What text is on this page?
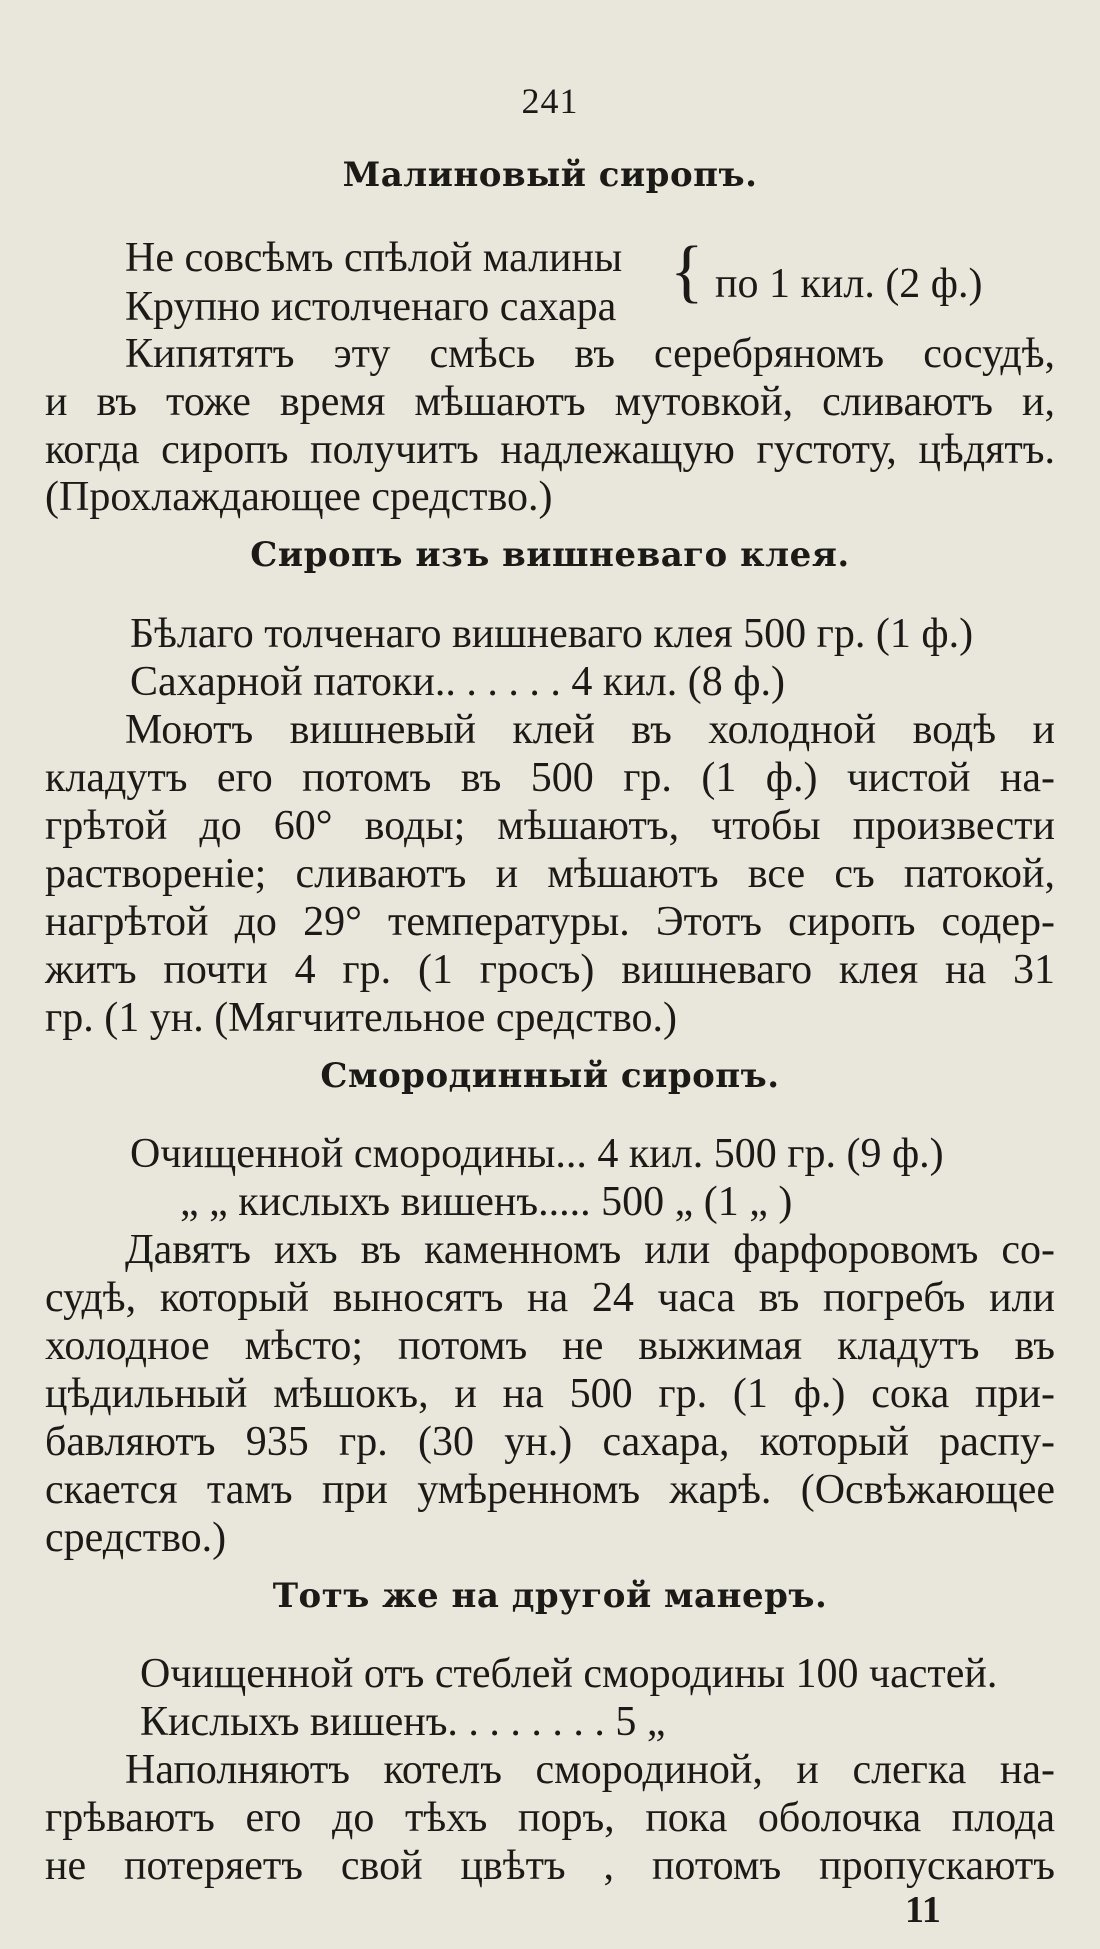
241
Малиновый сиропъ.
Не совсѣмъ спѣлой малины
Крупно истолченаго сахара { по 1 кил. (2 ф.)
Кипятятъ эту смѣсь въ серебряномъ сосудѣ,
и въ тоже время мѣшаютъ мутовкой, сливаютъ и,
когда сиропъ получитъ надлежащую густоту, цѣдятъ.
(Прохлаждающее средство.)
Сиропъ изъ вишневаго клея.
Бѣлаго толченаго вишневаго клея 500 гр. (1 ф.)
Сахарной патоки.. . . . . . 4 кил. (8 ф.)
Моютъ вишневый клей въ холодной водѣ и
кладутъ его потомъ въ 500 гр. (1 ф.) чистой на-
грѣтой до 60° воды; мѣшаютъ, чтобы произвести
раствореніе; сливаютъ и мѣшаютъ все съ патокой,
нагрѣтой до 29° температуры. Этотъ сиропъ содер-
житъ почти 4 гр. (1 гросъ) вишневаго клея на 31
гр. (1 ун. (Мягчительное средство.)
Смородинный сиропъ.
Очищенной смородины... 4 кил. 500 гр. (9 ф.)
„ „ кислыхъ вишенъ..... 500 „ (1 „ )
Давятъ ихъ въ каменномъ или фарфоровомъ со-
судѣ, который выносятъ на 24 часа въ погребъ или
холодное мѣсто; потомъ не выжимая кладутъ въ
цѣдильный мѣшокъ, и на 500 гр. (1 ф.) сока при-
бавляютъ 935 гр. (30 ун.) сахара, который распу-
скается тамъ при умѣренномъ жарѣ. (Освѣжающее
средство.)
Тотъ же на другой манеръ.
Очищенной отъ стеблей смородины 100 частей.
Кислыхъ вишенъ. . . . . . . . 5 „
Наполняютъ котелъ смородиной, и слегка на-
грѣваютъ его до тѣхъ поръ, пока оболочка плода
не потеряетъ свой цвѣтъ , потомъ пропускаютъ
11
